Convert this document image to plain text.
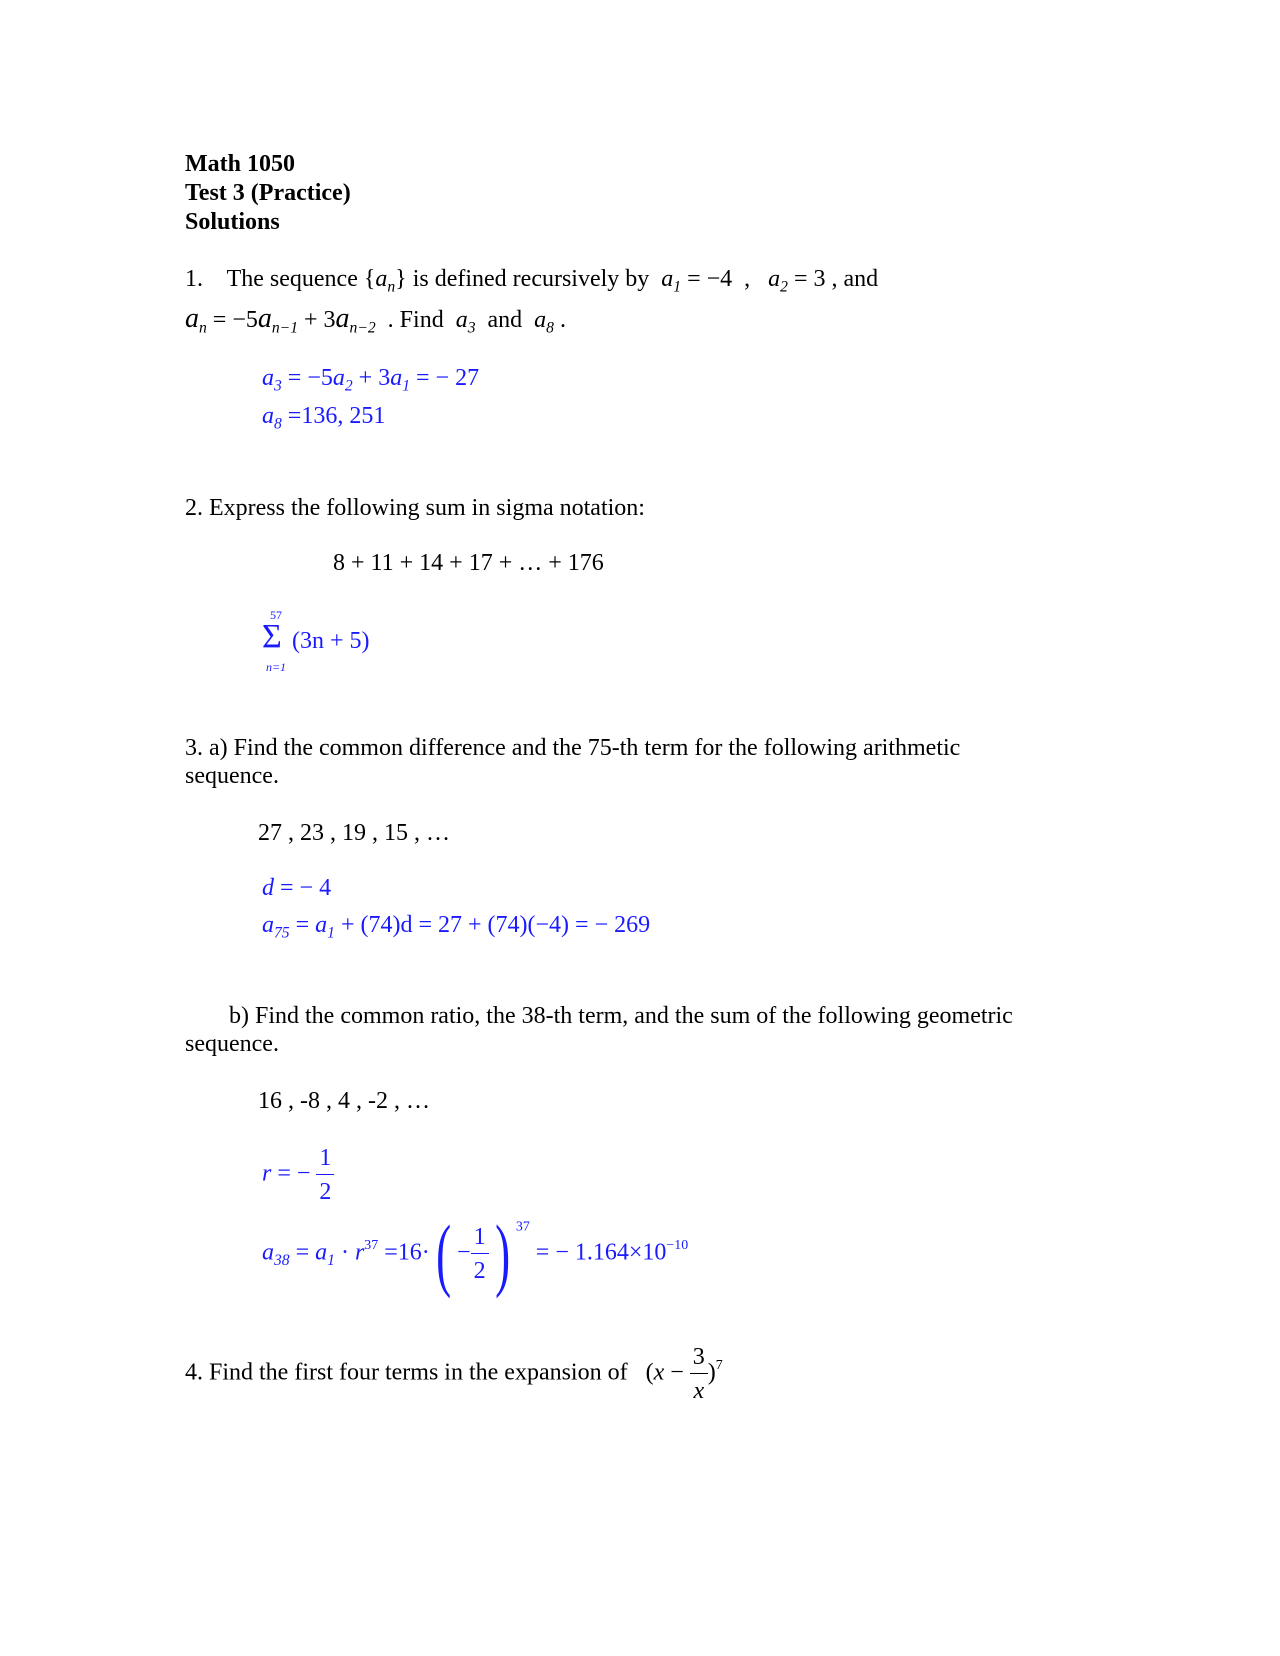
Math 1050
Test 3 (Practice)
Solutions
1. The sequence $\{a_n\}$ is defined recursively by $a_1 = -4$  ,   $a_2 = 3$ , and
$a_n = -5a_{n-1} + 3a_{n-2}$ . Find $a_3$ and $a_8$ .
$a_3 = -5a_2 + 3a_1$ = − 27
$a_8 =136$, 251
2. Express the following sum in sigma notation:
8 + 11 + 14 + 17 + … + 176
57
Σ
n=1
(3n + 5)
3. a) Find the common difference and the 75-th term for the following arithmetic
sequence.
27 , 23 , 19 , 15 , …
d = − 4
$a_{75} = a_1 + (74)d = 27 + (74)(-4)$ = − 269
b) Find the common ratio, the 38-th term, and the sum of the following geometric
sequence.
16 , -8 , 4 , -2 , …
r = − $\frac{1}{2}$
$a_{38} = a_1 \cdot r^{37} =16\cdot( - \frac{1}{2}$ ) $^{37}$ = − $1.164\times 10^{-10}$
4. Find the first four terms in the expansion of   $(x - \frac{3}{x} )^7$
